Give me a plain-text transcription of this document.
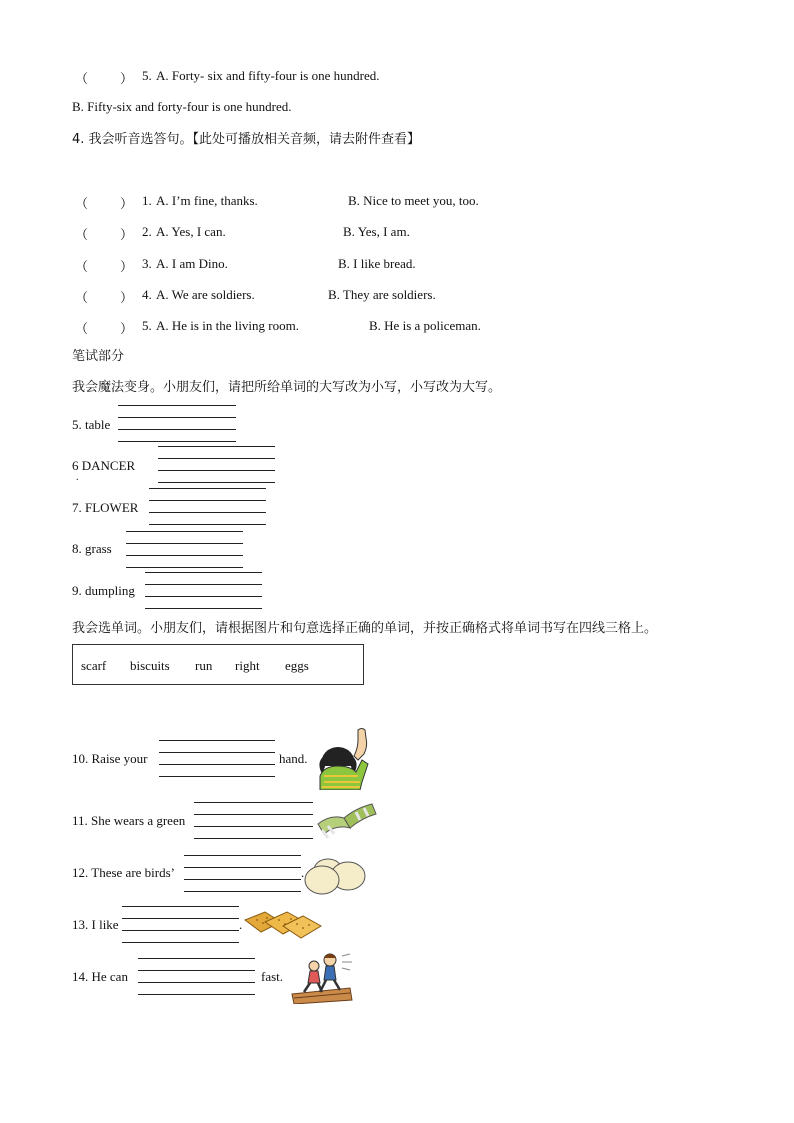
（ ） 5. A. Forty- six and fifty-four is one hundred.
B. Fifty-six and forty-four is one hundred.
4. 我会听音选答句。【此处可播放相关音频，请去附件查看】
（ ） 1. A. I’m fine, thanks.	B. Nice to meet you, too.
（ ） 2. A. Yes, I can.	B. Yes, I am.
（ ） 3. A. I am Dino.	B. I like bread.
（ ） 4. A. We are soldiers.	B. They are soldiers.
（ ） 5. A. He is in the living room.	B. He is a policeman.
笔试部分
我会魔法变身。小朋友们，请把所给单词的大写改为小写，小写改为大写。
5. table
6 DANCER
.
7. FLOWER
8. grass
9. dumpling
我会选单词。小朋友们，请根据图片和句意选择正确的单词，并按正确格式将单词书写在四线三格上。
scarf biscuits run right eggs
10. Raise your	hand.
11. She wears a green
12. These are birds’	.
13. I like	.
14. He can	fast.
